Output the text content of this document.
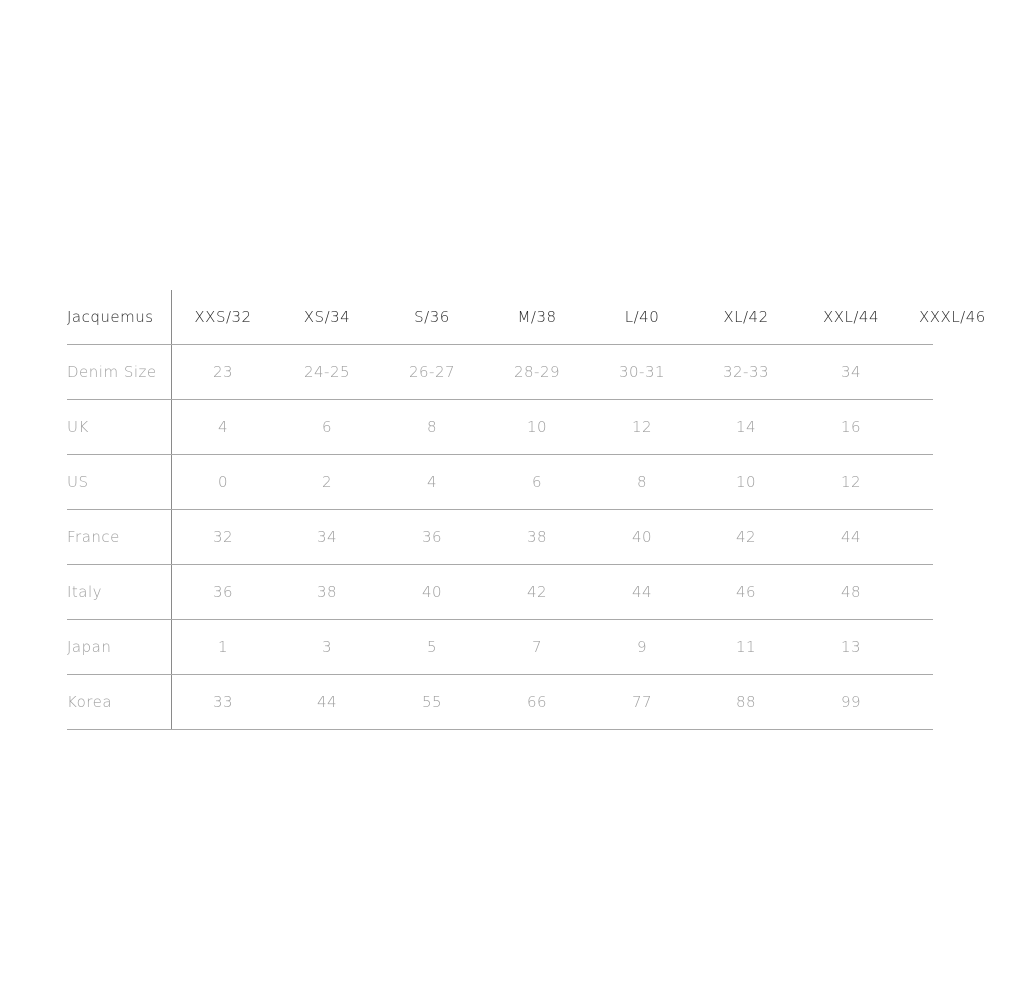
Jacquemus	XXS/32	XS/34	S/36	M/38	L/40	XL/42	XXL/44	XXXL/46
Denim Size	23	24-25	26-27	28-29	30-31	32-33	34
UK	4	6	8	10	12	14	16
US	0	2	4	6	8	10	12
France	32	34	36	38	40	42	44
Italy	36	38	40	42	44	46	48
Japan	1	3	5	7	9	11	13
Korea	33	44	55	66	77	88	99
